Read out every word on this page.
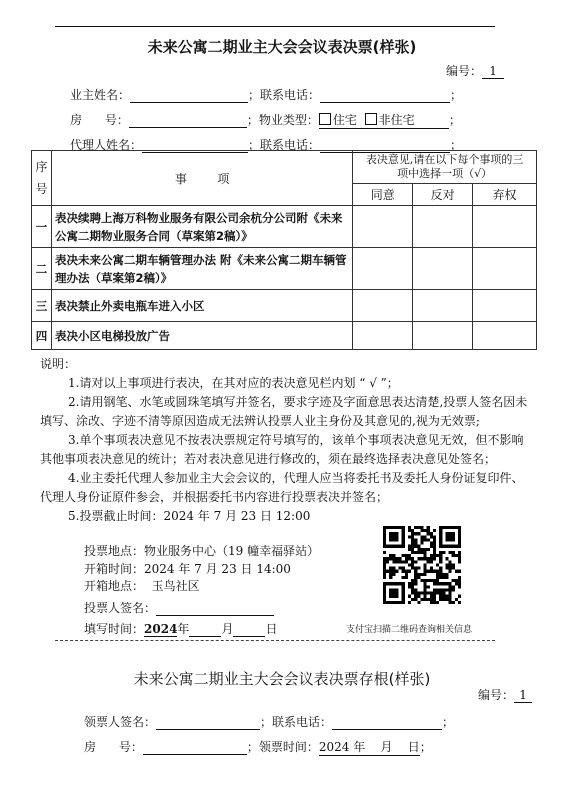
未来公寓二期业主大会会议表决票(样张)
编号： 1
业主姓名：	；联系电话：	；
房      号：	；物业类型： 住宅 非住宅	；
代理人姓名：	；联系电话：	；
序
号	事        项	表决意见,请在以下每个事项的三项中选择一项（√）		
		同意	反对	弃权
一	表决续聘上海万科物业服务有限公司余杭分公司附《未来公寓二期物业服务合同（草案第2稿）》			
二	表决未来公寓二期车辆管理办法 附《未来公寓二期车辆管理办法（草案第2稿）》			
三	表决禁止外卖电瓶车进入小区			
四	表决小区电梯投放广告			

说明：

1.请对以上事项进行表决，在其对应的表决意见栏内划 “ √ ”；

2.请用钢笔、水笔或圆珠笔填写并签名，要求字迹及字面意思表达清楚,投票人签名因未填写、涂改、字迹不清等原因造成无法辨认投票人业主身份及其意见的,视为无效票;

3.单个事项表决意见不按表决票规定符号填写的，该单个事项表决意见无效，但不影响其他事项表决意见的统计；若对表决意见进行修改的，须在最终选择表决意见处签名；

4.业主委托代理人参加业主大会会议的，代理人应当将委托书及委托人身份证复印件、代理人身份证原件参会，并根据委托书内容进行投票表决并签名；

5.投票截止时间：2024 年 7 月 23 日 12:00

投票地点：物业服务中心（19 幢幸福驿站）
开箱时间：2024 年 7 月 23 日 14:00
开箱地点：  玉鸟社区
投票人签名：
填写时间：2024年	月	日	支付宝扫描二维码查询相关信息
未来公寓二期业主大会会议表决票存根(样张)
编号： 1
领票人签名：	；联系电话：	；
房      号：	；领票时间：2024 年    月    日；
